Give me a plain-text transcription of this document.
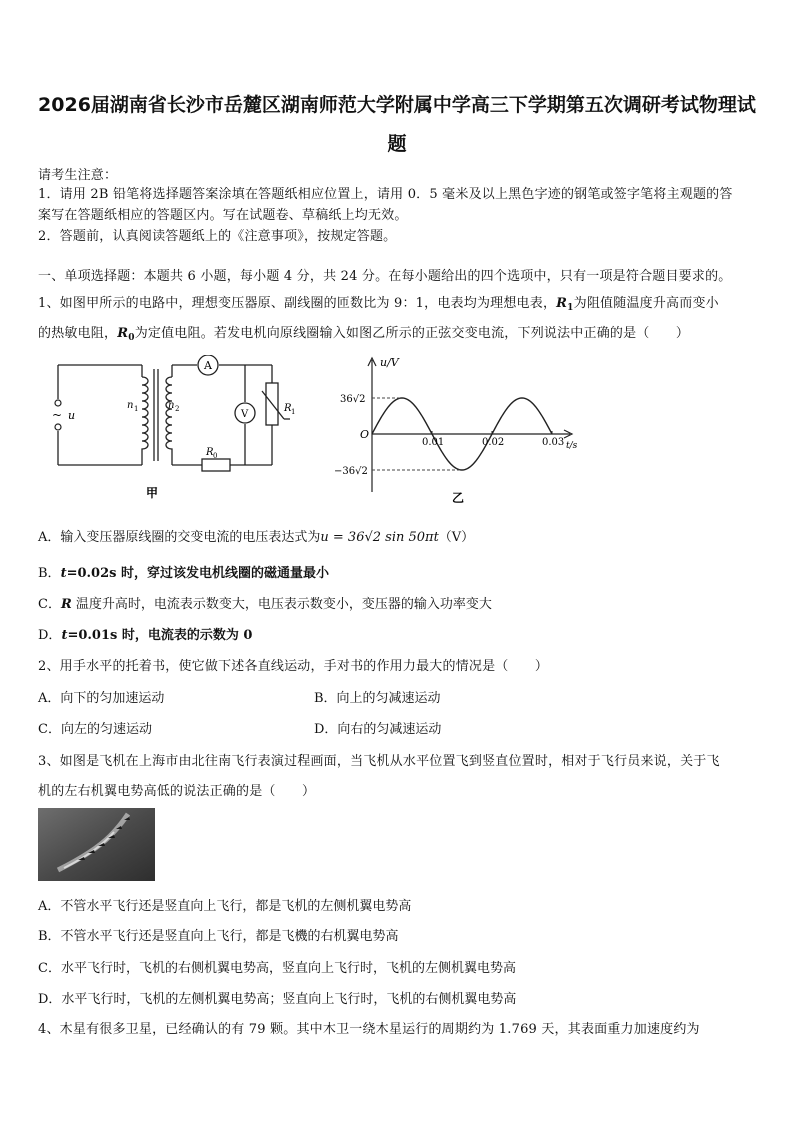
2026届湖南省长沙市岳麓区湖南师范大学附属中学高三下学期第五次调研考试物理试
题
请考生注意：
1．请用 2B 铅笔将选择题答案涂填在答题纸相应位置上，请用 0．5 毫米及以上黑色字迹的钢笔或签字笔将主观题的答
案写在答题纸相应的答题区内。写在试题卷、草稿纸上均无效。
2．答题前，认真阅读答题纸上的《注意事项》，按规定答题。
一、单项选择题：本题共 6 小题，每小题 4 分，共 24 分。在每小题给出的四个选项中，只有一项是符合题目要求的。
1、如图甲所示的电路中，理想变压器原、副线圈的匝数比为 9：1，电表均为理想电表，$R_1$为阻值随温度升高而变小
的热敏电阻，$R_0$为定值电阻。若发电机向原线圈输入如图乙所示的正弦交变电流，下列说法中正确的是（　　）
~ u
n 1	n 2
A
V
R 1
R 0
甲
0.01	0.02	0.03
u/V
t/s
O
36√2
−36√2
乙
A．输入变压器原线圈的交变电流的电压表达式为u = 36√2 sin 50πt（V）
B．t=0.02s 时，穿过该发电机线圈的磁通量最小
C．R 温度升高时，电流表示数变大，电压表示数变小，变压器的输入功率变大
D．t=0.01s 时，电流表的示数为 0
2、用手水平的托着书，使它做下述各直线运动，手对书的作用力最大的情况是（　　）
A．向下的匀加速运动	B．向上的匀减速运动
C．向左的匀速运动	D．向右的匀减速运动
3、如图是飞机在上海市由北往南飞行表演过程画面，当飞机从水平位置飞到竖直位置时，相对于飞行员来说，关于飞
机的左右机翼电势高低的说法正确的是（　　）
A．不管水平飞行还是竖直向上飞行，都是飞机的左侧机翼电势高
B．不管水平飞行还是竖直向上飞行，都是飞機的右机翼电势高
C．水平飞行时，飞机的右侧机翼电势高，竖直向上飞行时，飞机的左侧机翼电势高
D．水平飞行时，飞机的左侧机翼电势高；竖直向上飞行时，飞机的右侧机翼电势高
4、木星有很多卫星，已经确认的有 79 颗。其中木卫一绕木星运行的周期约为 1.769 天，其表面重力加速度约为
